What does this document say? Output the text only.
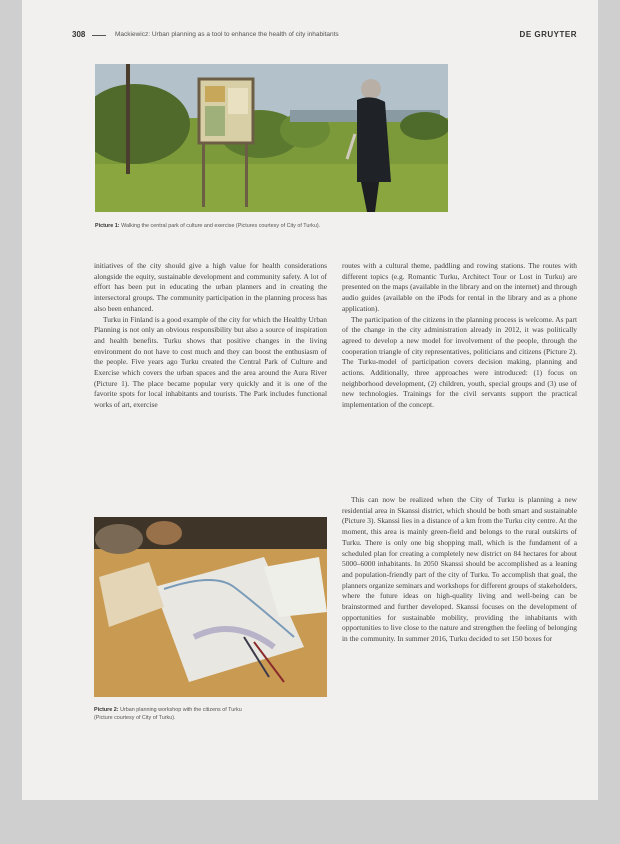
308	Mackiewicz: Urban planning as a tool to enhance the health of city inhabitants	DE GRUYTER
Picture 1: Walking the central park of culture and exercise (Pictures courtesy of City of Turku).

initiatives of the city should give a high value for health considerations alongside the equity, sustainable development and community safety. A lot of effort has been put in educating the urban planners and in creating the intersectoral groups. The community participation in the planning process has also been enhanced.

Turku in Finland is a good example of the city for which the Healthy Urban Planning is not only an obvious responsibility but also a source of inspiration and health benefits. Turku shows that positive changes in the living environment do not have to cost much and they can boost the enthusiasm of the people. Five years ago Turku created the Central Park of Culture and Exercise which covers the urban spaces and the area around the Aura River (Picture 1). The place became popular very quickly and it is one of the favorite spots for local inhabitants and tourists. The Park includes functional works of art, exercise

routes with a cultural theme, paddling and rowing stations. The routes with different topics (e.g. Romantic Turku, Architect Tour or Lost in Turku) are presented on the maps (available in the library and on the internet) and through audio guides (available on the iPods for rental in the library and as a phone application).

The participation of the citizens in the planning process is welcome. As part of the change in the city administration already in 2012, it was politically agreed to develop a new model for involvement of the people, through the cooperation triangle of city representatives, politicians and citizens (Picture 2). The Turku-model of participation covers decision making, planning and actions. Additionally, three approaches were introduced: (1) focus on neighborhood development, (2) children, youth, special groups and (3) use of new technologies. Trainings for the civil servants support the practical implementation of the concept.

Picture 2: Urban planning workshop with the citizens of Turku
(Picture courtesy of City of Turku).

This can now be realized when the City of Turku is planning a new residential area in Skanssi district, which should be both smart and sustainable (Picture 3). Skanssi lies in a distance of a km from the Turku city centre. At the moment, this area is mainly green-field and belongs to the rural outskirts of Turku. There is only one big shopping mall, which is the fundament of a scheduled plan for creating a completely new district on 84 hectares for about 5000–6000 inhabitants. In 2050 Skanssi should be accomplished as a leaning and population-friendly part of the city of Turku. To accomplish that goal, the planners organize seminars and workshops for different groups of stakeholders, where the future ideas on high-quality living and well-being can be brainstormed and further developed. Skanssi focuses on the development of opportunities for sustainable mobility, providing the inhabitants with opportunities to live close to the nature and strengthen the feeling of belonging in the community. In summer 2016, Turku decided to set 150 boxes for
